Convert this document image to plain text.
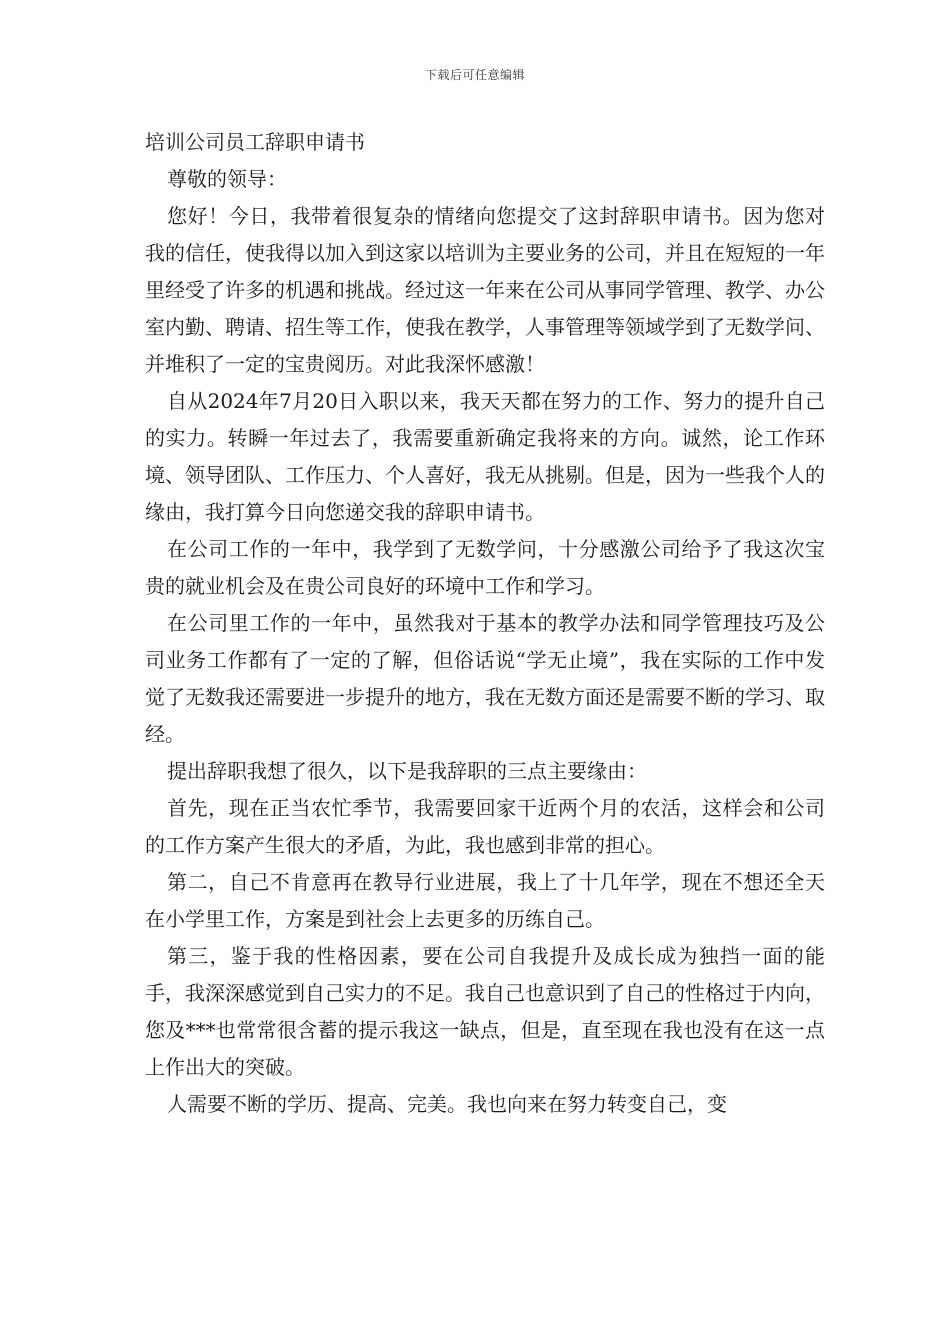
下载后可任意编辑
培训公司员工辞职申请书

尊敬的领导：

您好！今日，我带着很复杂的情绪向您提交了这封辞职申请书。因为您对我的信任，使我得以加入到这家以培训为主要业务的公司，并且在短短的一年里经受了许多的机遇和挑战。经过这一年来在公司从事同学管理、教学、办公室内勤、聘请、招生等工作，使我在教学，人事管理等领域学到了无数学问、并堆积了一定的宝贵阅历。对此我深怀感激！

自从2024年7月20日入职以来，我天天都在努力的工作、努力的提升自己的实力。转瞬一年过去了，我需要重新确定我将来的方向。诚然，论工作环境、领导团队、工作压力、个人喜好，我无从挑剔。但是，因为一些我个人的缘由，我打算今日向您递交我的辞职申请书。

在公司工作的一年中，我学到了无数学问，十分感激公司给予了我这次宝贵的就业机会及在贵公司良好的环境中工作和学习。

在公司里工作的一年中，虽然我对于基本的教学办法和同学管理技巧及公司业务工作都有了一定的了解，但俗话说“学无止境”，我在实际的工作中发觉了无数我还需要进一步提升的地方，我在无数方面还是需要不断的学习、取经。

提出辞职我想了很久，以下是我辞职的三点主要缘由：

首先，现在正当农忙季节，我需要回家干近两个月的农活，这样会和公司的工作方案产生很大的矛盾，为此，我也感到非常的担心。

第二，自己不肯意再在教导行业进展，我上了十几年学，现在不想还全天在小学里工作，方案是到社会上去更多的历练自己。

第三，鉴于我的性格因素，要在公司自我提升及成长成为独挡一面的能手，我深深感觉到自己实力的不足。我自己也意识到了自己的性格过于内向，您及***也常常很含蓄的提示我这一缺点，但是，直至现在我也没有在这一点上作出大的突破。

人需要不断的学历、提高、完美。我也向来在努力转变自己，变
